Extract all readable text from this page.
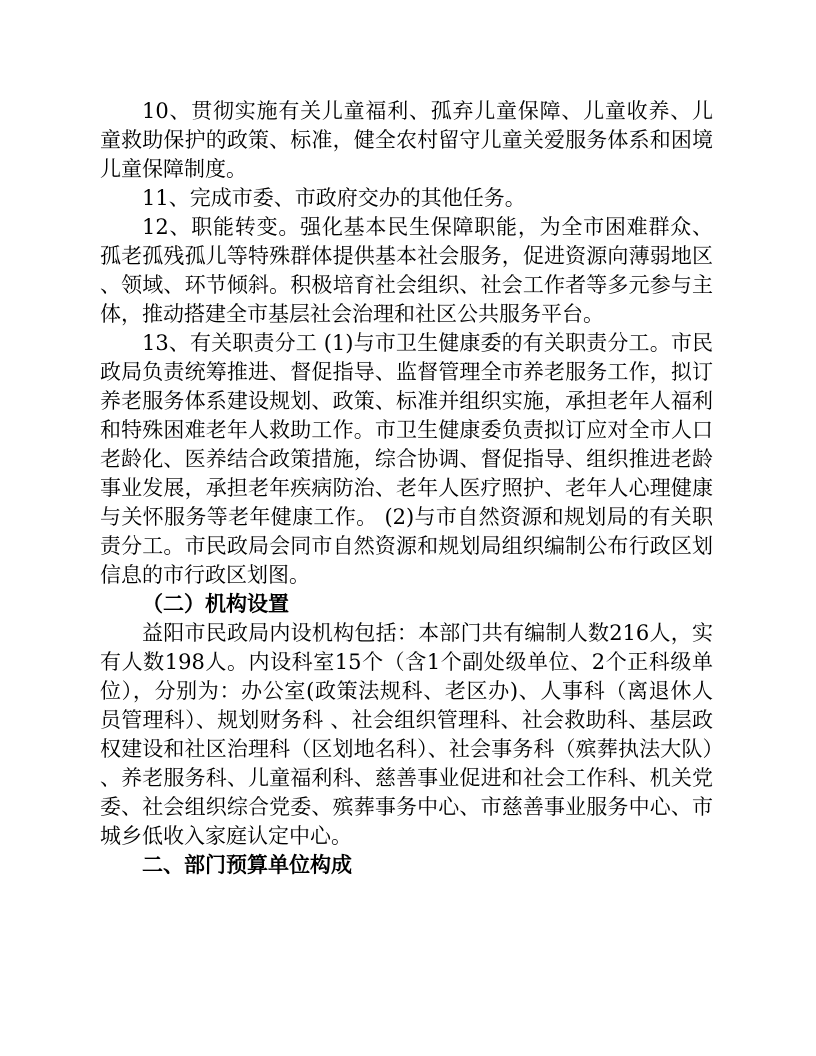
10、贯彻实施有关儿童福利、孤弃儿童保障、儿童收养、儿童救助保护的政策、标准，健全农村留守儿童关爱服务体系和困境儿童保障制度。

11、完成市委、市政府交办的其他任务。

12、职能转变。强化基本民生保障职能，为全市困难群众、孤老孤残孤儿等特殊群体提供基本社会服务，促进资源向薄弱地区、领域、环节倾斜。积极培育社会组织、社会工作者等多元参与主体，推动搭建全市基层社会治理和社区公共服务平台。

13、有关职责分工 (1)与市卫生健康委的有关职责分工。市民政局负责统筹推进、督促指导、监督管理全市养老服务工作，拟订养老服务体系建设规划、政策、标准并组织实施，承担老年人福利和特殊困难老年人救助工作。市卫生健康委负责拟订应对全市人口老龄化、医养结合政策措施，综合协调、督促指导、组织推进老龄事业发展，承担老年疾病防治、老年人医疗照护、老年人心理健康与关怀服务等老年健康工作。 (2)与市自然资源和规划局的有关职责分工。市民政局会同市自然资源和规划局组织编制公布行政区划信息的市行政区划图。

（二）机构设置

益阳市民政局内设机构包括：本部门共有编制人数216人，实有人数198人。内设科室15个（含1个副处级单位、2个正科级单位），分别为：办公室(政策法规科、老区办)、人事科（离退休人员管理科）、规划财务科 、社会组织管理科、社会救助科、基层政权建设和社区治理科（区划地名科）、社会事务科（殡葬执法大队）、养老服务科、儿童福利科、慈善事业促进和社会工作科、机关党委、社会组织综合党委、殡葬事务中心、市慈善事业服务中心、市城乡低收入家庭认定中心。

二、部门预算单位构成
